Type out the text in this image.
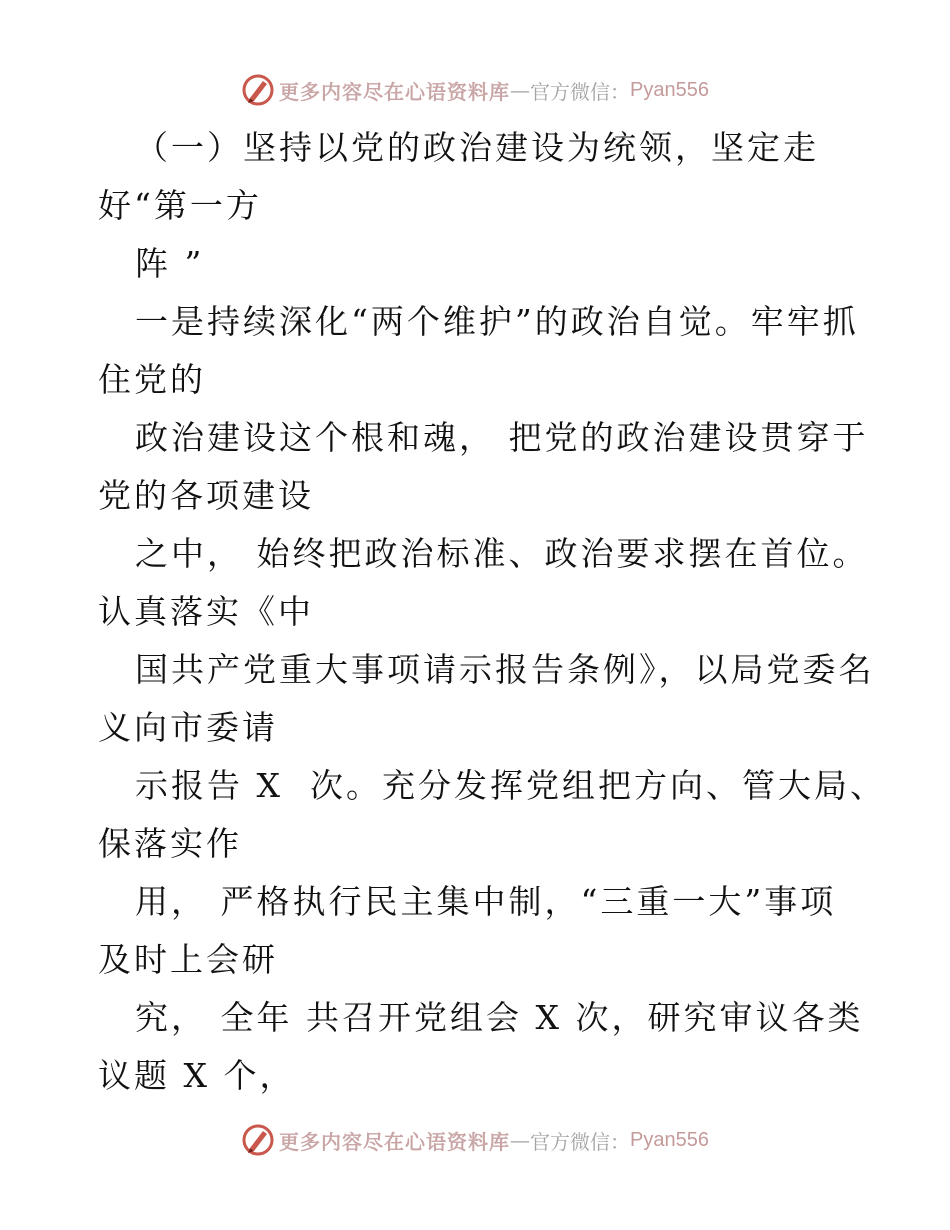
更多内容尽在心语资料库 — 官方微信： Pyan556
（一）坚持以党的政治建设为统领，坚定走
好“第一方
阵 ”
一是持续深化“两个维护”的政治自觉。牢牢抓
住党的
政治建设这个根和魂， 把党的政治建设贯穿于
党的各项建设
之中， 始终把政治标准、政治要求摆在首位。
认真落实《中
国共产党重大事项请示报告条例》，以局党委名
义向市委请
示报告 X  次。充分发挥党组把方向、管大局、
保落实作
用， 严格执行民主集中制，“三重一大”事项
及时上会研
究， 全年 共召开党组会 X 次，研究审议各类
议题 X 个，
更多内容尽在心语资料库 — 官方微信： Pyan556
